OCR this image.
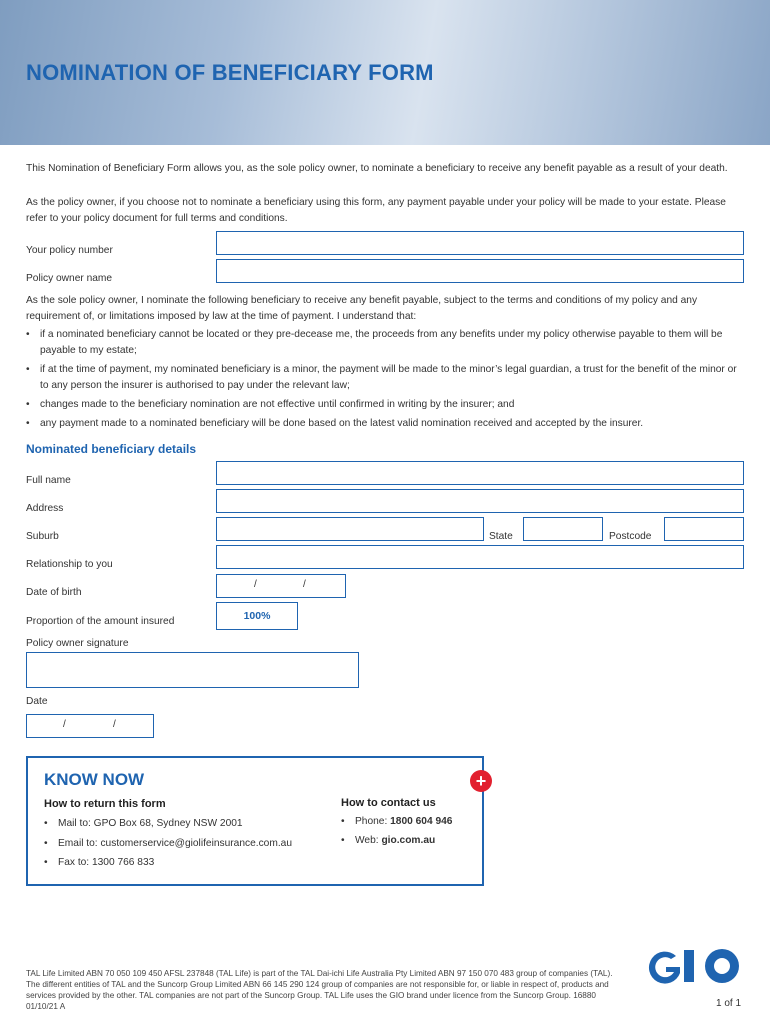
NOMINATION OF BENEFICIARY FORM
This Nomination of Beneficiary Form allows you, as the sole policy owner, to nominate a beneficiary to receive any benefit payable as a result of your death.
As the policy owner, if you choose not to nominate a beneficiary using this form, any payment payable under your policy will be made to your estate. Please refer to your policy document for full terms and conditions.
Your policy number
Policy owner name
As the sole policy owner, I nominate the following beneficiary to receive any benefit payable, subject to the terms and conditions of my policy and any requirement of, or limitations imposed by law at the time of payment. I understand that:
• if a nominated beneficiary cannot be located or they pre-decease me, the proceeds from any benefits under my policy otherwise payable to them will be payable to my estate;
• if at the time of payment, my nominated beneficiary is a minor, the payment will be made to the minor’s legal guardian, a trust for the benefit of the minor or to any person the insurer is authorised to pay under the relevant law;
• changes made to the beneficiary nomination are not effective until confirmed in writing by the insurer; and
• any payment made to a nominated beneficiary will be done based on the latest valid nomination received and accepted by the insurer.
Nominated beneficiary details
Full name
Address
Suburb	State	Postcode
Relationship to you
Date of birth
/	/
Proportion of the amount insured	100%
Policy owner signature
Date
/	/
KNOW NOW
How to return this form
• Mail to: GPO Box 68, Sydney NSW 2001
• Email to: customerservice@giolifeinsurance.com.au
• Fax to: 1300 766 833
How to contact us
• Phone: 1800 604 946
• Web: gio.com.au
+
TAL Life Limited ABN 70 050 109 450 AFSL 237848 (TAL Life) is part of the TAL Dai-ichi Life Australia Pty Limited ABN 97 150 070 483 group of companies (TAL). The different entities of TAL and the Suncorp Group Limited ABN 66 145 290 124 group of companies are not responsible for, or liable in respect of, products and services provided by the other. TAL companies are not part of the Suncorp Group. TAL Life uses the GIO brand under licence from the Suncorp Group. 16880 01/10/21 A	1 of 1
